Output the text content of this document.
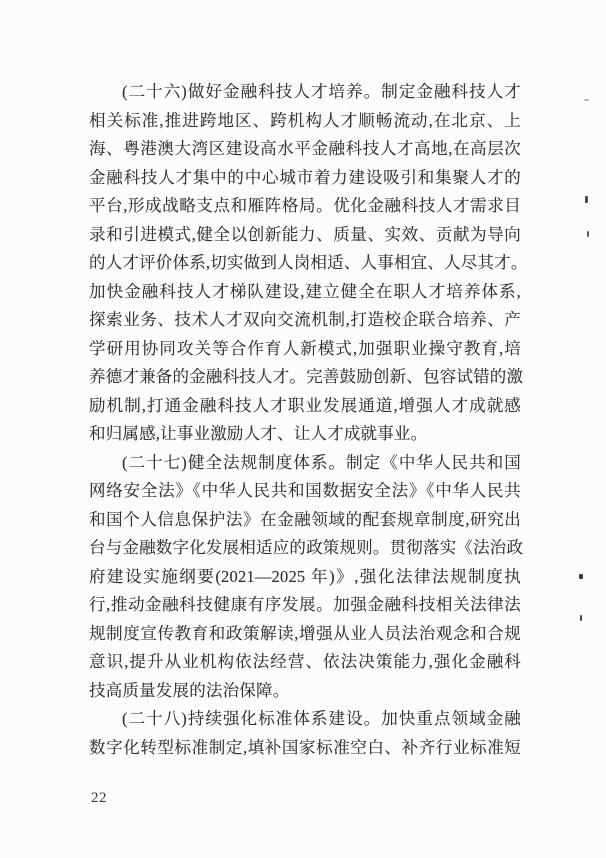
(二十六)做好金融科技人才培养。制定金融科技人才
相关标准,推进跨地区、跨机构人才顺畅流动,在北京、上
海、粤港澳大湾区建设高水平金融科技人才高地,在高层次
金融科技人才集中的中心城市着力建设吸引和集聚人才的
平台,形成战略支点和雁阵格局。优化金融科技人才需求目
录和引进模式,健全以创新能力、质量、实效、贡献为导向
的人才评价体系,切实做到人岗相适、人事相宜、人尽其才。
加快金融科技人才梯队建设,建立健全在职人才培养体系,
探索业务、技术人才双向交流机制,打造校企联合培养、产
学研用协同攻关等合作育人新模式,加强职业操守教育,培
养德才兼备的金融科技人才。完善鼓励创新、包容试错的激
励机制,打通金融科技人才职业发展通道,增强人才成就感
和归属感,让事业激励人才、让人才成就事业。
(二十七)健全法规制度体系。制定《中华人民共和国
网络安全法》《中华人民共和国数据安全法》《中华人民共
和国个人信息保护法》在金融领域的配套规章制度,研究出
台与金融数字化发展相适应的政策规则。贯彻落实《法治政
府建设实施纲要(2021—2025 年)》,强化法律法规制度执
行,推动金融科技健康有序发展。加强金融科技相关法律法
规制度宣传教育和政策解读,增强从业人员法治观念和合规
意识,提升从业机构依法经营、依法决策能力,强化金融科
技高质量发展的法治保障。
(二十八)持续强化标准体系建设。加快重点领域金融
数字化转型标准制定,填补国家标准空白、补齐行业标准短
22
